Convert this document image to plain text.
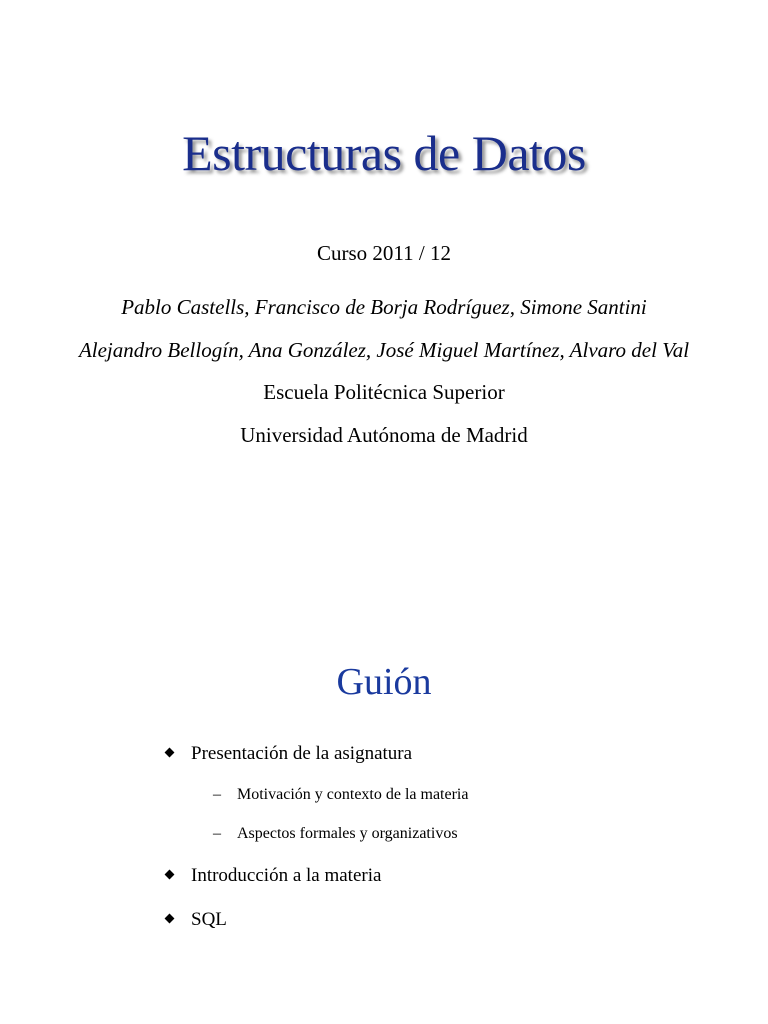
Estructuras de Datos
Curso 2011 / 12
Pablo Castells, Francisco de Borja Rodríguez, Simone Santini
Alejandro Bellogín, Ana González, José Miguel Martínez, Alvaro del Val
Escuela Politécnica Superior
Universidad Autónoma de Madrid
Guión
Presentación de la asignatura
– Motivación y contexto de la materia
– Aspectos formales y organizativos
Introducción a la materia
SQL
